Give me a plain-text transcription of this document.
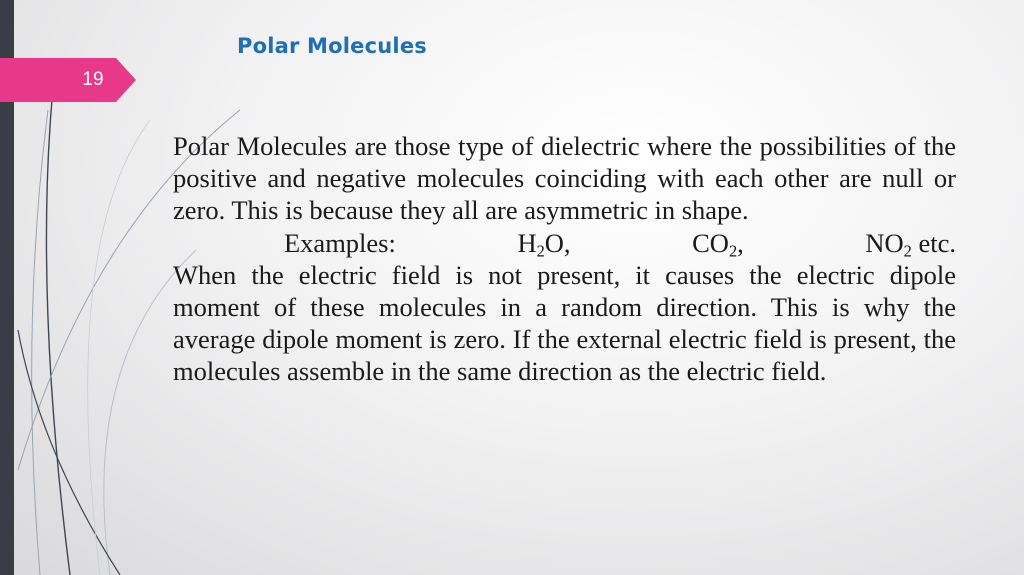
19
Polar Molecules

Polar Molecules are those type of dielectric where the possibilities of the positive and negative molecules coinciding with each other are null or zero. This is because they all are asymmetric in shape.

Examples:	$H_2O$,	$CO_2$,	$NO_2$ etc.

When the electric field is not present, it causes the electric dipole moment of these molecules in a random direction. This is why the average dipole moment is zero. If the external electric field is present, the molecules assemble in the same direction as the electric field.
